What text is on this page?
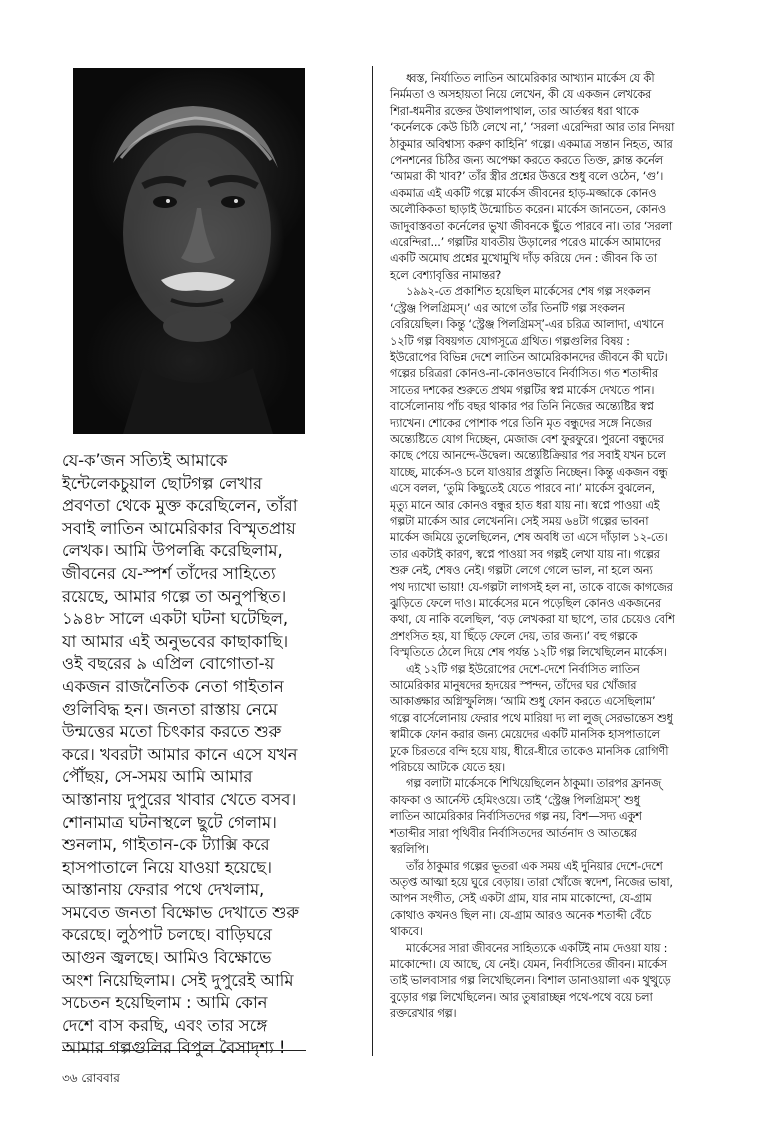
যে-ক’জন সত্যিই আমাকে
ইন্টেলেকচুয়াল ছোটগল্প লেখার
প্রবণতা থেকে মুক্ত করেছিলেন, তাঁরা
সবাই লাতিন আমেরিকার বিস্মৃতপ্রায়
লেখক। আমি উপলব্ধি করেছিলাম,
জীবনের যে-স্পর্শ তাঁদের সাহিত্যে
রয়েছে, আমার গল্পে তা অনুপস্থিত।
১৯৪৮ সালে একটা ঘটনা ঘটেছিল,
যা আমার এই অনুভবের কাছাকাছি।
ওই বছরের ৯ এপ্রিল বোগোতা-য়
একজন রাজনৈতিক নেতা গাইতান
গুলিবিদ্ধ হন। জনতা রাস্তায় নেমে
উন্মত্তের মতো চিৎকার করতে শুরু
করে। খবরটা আমার কানে এসে যখন
পৌঁছয়, সে-সময় আমি আমার
আস্তানায় দুপুরের খাবার খেতে বসব।
শোনামাত্র ঘটনাস্থলে ছুটে গেলাম।
শুনলাম, গাইতান-কে ট্যাক্সি করে
হাসপাতালে নিয়ে যাওয়া হয়েছে।
আস্তানায় ফেরার পথে দেখলাম,
সমবেত জনতা বিক্ষোভ দেখাতে শুরু
করেছে। লুঠপাট চলছে। বাড়িঘরে
আগুন জ্বলছে। আমিও বিক্ষোভে
অংশ নিয়েছিলাম। সেই দুপুরেই আমি
সচেতন হয়েছিলাম : আমি কোন
দেশে বাস করছি, এবং তার সঙ্গে
আমার গল্পগুলির বিপুল বৈসাদৃশ্য !
ধ্বস্ত, নির্যাতিত লাতিন আমেরিকার আখ্যান মার্কেস যে কী
নির্মমতা ও অসহায়তা নিয়ে লেখেন, কী যে একজন লেখকের
শিরা-ধমনীর রক্তের উথালপাথাল, তার আর্তস্বর ধরা থাকে
‘কর্নেলকে কেউ চিঠি লেখে না,’ ‘সরলা এরেন্দিরা আর তার নিদয়া
ঠাকুমার অবিশ্বাস্য করুণ কাহিনি’ গল্পে। একমাত্র সন্তান নিহত, আর
পেনশনের চিঠির জন্য অপেক্ষা করতে করতে তিক্ত, ক্লান্ত কর্নেল
‘আমরা কী খাব?’ তাঁর স্ত্রীর প্রশ্নের উত্তরে শুধু বলে ওঠেন, ‘গু’।
একমাত্র এই একটি গল্পে মার্কেস জীবনের হাড়-মজ্জাকে কোনও
অলৌকিকতা ছাড়াই উন্মোচিত করেন। মার্কেস জানতেন, কোনও
জাদুবাস্তবতা কর্নেলের ভুখা জীবনকে ছুঁতে পারবে না। তার ‘সরলা
এরেন্দিরা...’ গল্পটির যাবতীয় উড়ালের পরেও মার্কেস আমাদের
একটি অমোঘ প্রশ্নের মুখোমুখি দাঁড় করিয়ে দেন : জীবন কি তা
হলে বেশ্যাবৃত্তির নামান্তর?
১৯৯২-তে প্রকাশিত হয়েছিল মার্কেসের শেষ গল্প সংকলন
‘স্ট্রেঞ্জ পিলগ্রিমস্।’ এর আগে তাঁর তিনটি গল্প সংকলন
বেরিয়েছিল। কিন্তু ‘স্ট্রেঞ্জ পিলগ্রিমস্’-এর চরিত্র আলাদা, এখানে
১২টি গল্প বিষয়গত যোগসূত্রে গ্রথিত। গল্পগুলির বিষয় :
ইউরোপের বিভিন্ন দেশে লাতিন আমেরিকানদের জীবনে কী ঘটে।
গল্পের চরিত্ররা কোনও-না-কোনওভাবে নির্বাসিত। গত শতাব্দীর
সাতের দশকের শুরুতে প্রথম গল্পটির স্বপ্ন মার্কেস দেখতে পান।
বার্সেলোনায় পাঁচ বছর থাকার পর তিনি নিজের অন্ত্যেষ্টির স্বপ্ন
দ্যাখেন। শোকের পোশাক পরে তিনি মৃত বন্ধুদের সঙ্গে নিজের
অন্ত্যেষ্টিতে যোগ দিচ্ছেন, মেজাজ বেশ ফুরফুরে। পুরনো বন্ধুদের
কাছে পেয়ে আনন্দে-উদ্বেল। অন্ত্যেষ্টিক্রিয়ার পর সবাই যখন চলে
যাচ্ছে, মার্কেস-ও চলে যাওয়ার প্রস্তুতি নিচ্ছেন। কিন্তু একজন বন্ধু
এসে বলল, ‘তুমি কিছুতেই যেতে পারবে না।’ মার্কেস বুঝলেন,
মৃত্যু মানে আর কোনও বন্ধুর হাত ধরা যায় না। স্বপ্নে পাওয়া এই
গল্পটা মার্কেস আর লেখেননি। সেই সময় ৬৪টা গল্পের ভাবনা
মার্কেস জমিয়ে তুলেছিলেন, শেষ অবধি তা এসে দাঁড়াল ১২-তে।
তার একটাই কারণ, স্বপ্নে পাওয়া সব গল্পই লেখা যায় না। গল্পের
শুরু নেই, শেষও নেই। গল্পটা লেগে গেলে ভাল, না হলে অন্য
পথ দ্যাখো ভায়া! যে-গল্পটা লাগসই হল না, তাকে বাজে কাগজের
ঝুড়িতে ফেলে দাও। মার্কেসের মনে পড়েছিল কোনও একজনের
কথা, যে নাকি বলেছিল, ‘বড় লেখকরা যা ছাপে, তার চেয়েও বেশি
প্রশংসিত হয়, যা ছিঁড়ে ফেলে দেয়, তার জন্য।’ বহু গল্পকে
বিস্মৃতিতে ঠেলে দিয়ে শেষ পর্যন্ত ১২টি গল্প লিখেছিলেন মার্কেস।
এই ১২টি গল্প ইউরোপের দেশে-দেশে নির্বাসিত লাতিন
আমেরিকার মানুষদের হৃদয়ের স্পন্দন, তাঁদের ঘর খোঁজার
আকাঙ্ক্ষার অগ্নিস্ফুলিঙ্গ। ‘আমি শুধু ফোন করতে এসেছিলাম’
গল্পে বার্সেলোনায় ফেরার পথে মারিয়া দ্য লা লুজ্ সেরভান্তেস শুধু
স্বামীকে ফোন করার জন্য মেয়েদের একটি মানসিক হাসপাতালে
ঢুকে চিরতরে বন্দি হয়ে যায়, ধীরে-ধীরে তাকেও মানসিক রোগিণী
পরিচয়ে আটকে যেতে হয়।
গল্প বলাটা মার্কেসকে শিখিয়েছিলেন ঠাকুমা। তারপর ফ্রানজ্
কাফকা ও আর্নেস্ট হেমিংওয়ে। তাই ‘স্ট্রেঞ্জ পিলগ্রিমস্’ শুধু
লাতিন আমেরিকার নির্বাসিতদের গল্প নয়, বিশ—সদ্য একুশ
শতাব্দীর সারা পৃথিবীর নির্বাসিতদের আর্তনাদ ও আতঙ্কের
স্বরলিপি।
তাঁর ঠাকুমার গল্পের ভূতরা এক সময় এই দুনিয়ার দেশে-দেশে
অতৃপ্ত আত্মা হয়ে ঘুরে বেড়ায়। তারা খোঁজে স্বদেশ, নিজের ভাষা,
আপন সংগীত, সেই একটা গ্রাম, যার নাম মাকোন্দো, যে-গ্রাম
কোথাও কখনও ছিল না। যে-গ্রাম আরও অনেক শতাব্দী বেঁচে
থাকবে।
মার্কেসের সারা জীবনের সাহিত্যকে একটিই নাম দেওয়া যায় :
মাকোন্দো। যে আছে, যে নেই। যেমন, নির্বাসিতের জীবন। মার্কেস
তাই ভালবাসার গল্প লিখেছিলেন। বিশাল ডানাওয়ালা এক থুত্থুড়ে
বুড়োর গল্প লিখেছিলেন। আর তুষারাচ্ছন্ন পথে-পথে বয়ে চলা
রক্তরেখার গল্প।
৩৬ রোববার
